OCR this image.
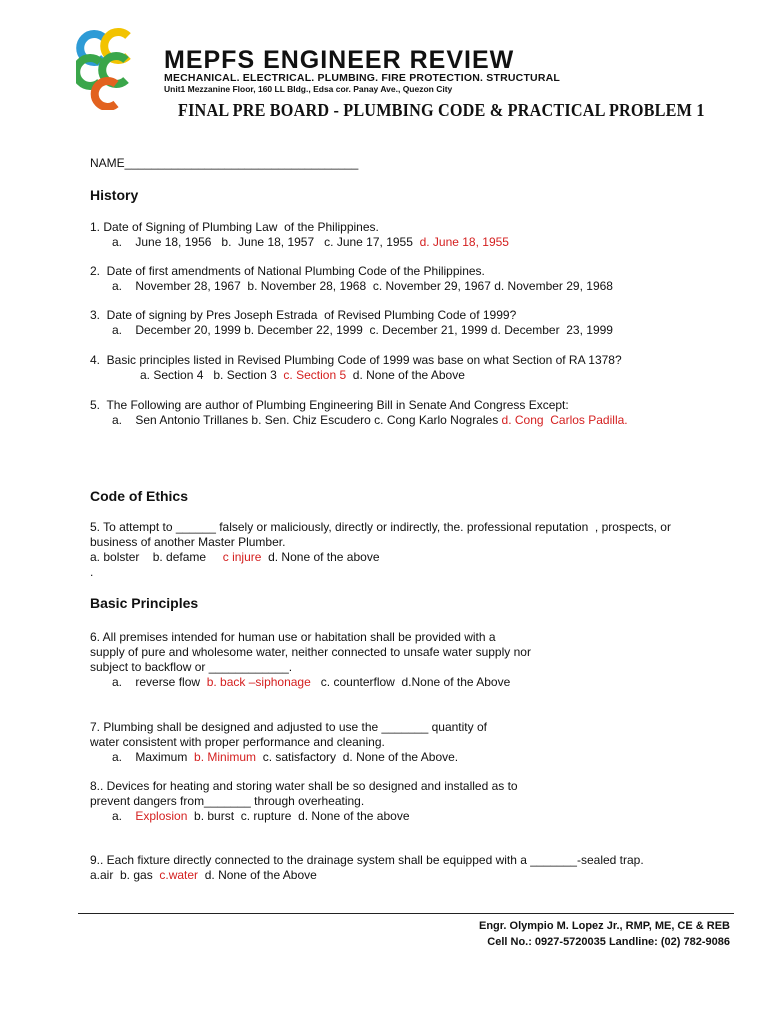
MEPFS ENGINEER REVIEW
MECHANICAL. ELECTRICAL. PLUMBING. FIRE PROTECTION. STRUCTURAL
Unit1 Mezzanine Floor, 160 LL Bldg., Edsa cor. Panay Ave., Quezon City
FINAL PRE BOARD - PLUMBING CODE & PRACTICAL PROBLEM 1
NAME___________________________________
History
1. Date of Signing of Plumbing Law  of the Philippines.
a.    June 18, 1956   b.  June 18, 1957   c. June 17, 1955  d. June 18, 1955
2.  Date of first amendments of National Plumbing Code of the Philippines.
a.    November 28, 1967  b. November 28, 1968  c. November 29, 1967 d. November 29, 1968
3.  Date of signing by Pres Joseph Estrada  of Revised Plumbing Code of 1999?
a.    December 20, 1999 b. December 22, 1999  c. December 21, 1999 d. December  23, 1999
4.  Basic principles listed in Revised Plumbing Code of 1999 was base on what Section of RA 1378?
a. Section 4   b. Section 3  c. Section 5  d. None of the Above
5.  The Following are author of Plumbing Engineering Bill in Senate And Congress Except:
a.    Sen Antonio Trillanes b. Sen. Chiz Escudero c. Cong Karlo Nograles d. Cong  Carlos Padilla.
Code of Ethics
5. To attempt to ______ falsely or maliciously, directly or indirectly, the. professional reputation  , prospects, or
business of another Master Plumber.
a. bolster    b. defame     c injure  d. None of the above
.
Basic Principles
6. All premises intended for human use or habitation shall be provided with a
supply of pure and wholesome water, neither connected to unsafe water supply nor
subject to backflow or ____________.
a.    reverse flow  b. back –siphonage   c. counterflow  d.None of the Above
7. Plumbing shall be designed and adjusted to use the _______ quantity of
water consistent with proper performance and cleaning.
a.    Maximum  b. Minimum  c. satisfactory  d. None of the Above.
8.. Devices for heating and storing water shall be so designed and installed as to
prevent dangers from_______ through overheating.
a.    Explosion  b. burst  c. rupture  d. None of the above
9.. Each fixture directly connected to the drainage system shall be equipped with a _______-sealed trap.
a.air  b. gas  c.water  d. None of the Above
Engr. Olympio M. Lopez Jr., RMP, ME, CE & REB
Cell No.: 0927-5720035 Landline: (02) 782-9086
